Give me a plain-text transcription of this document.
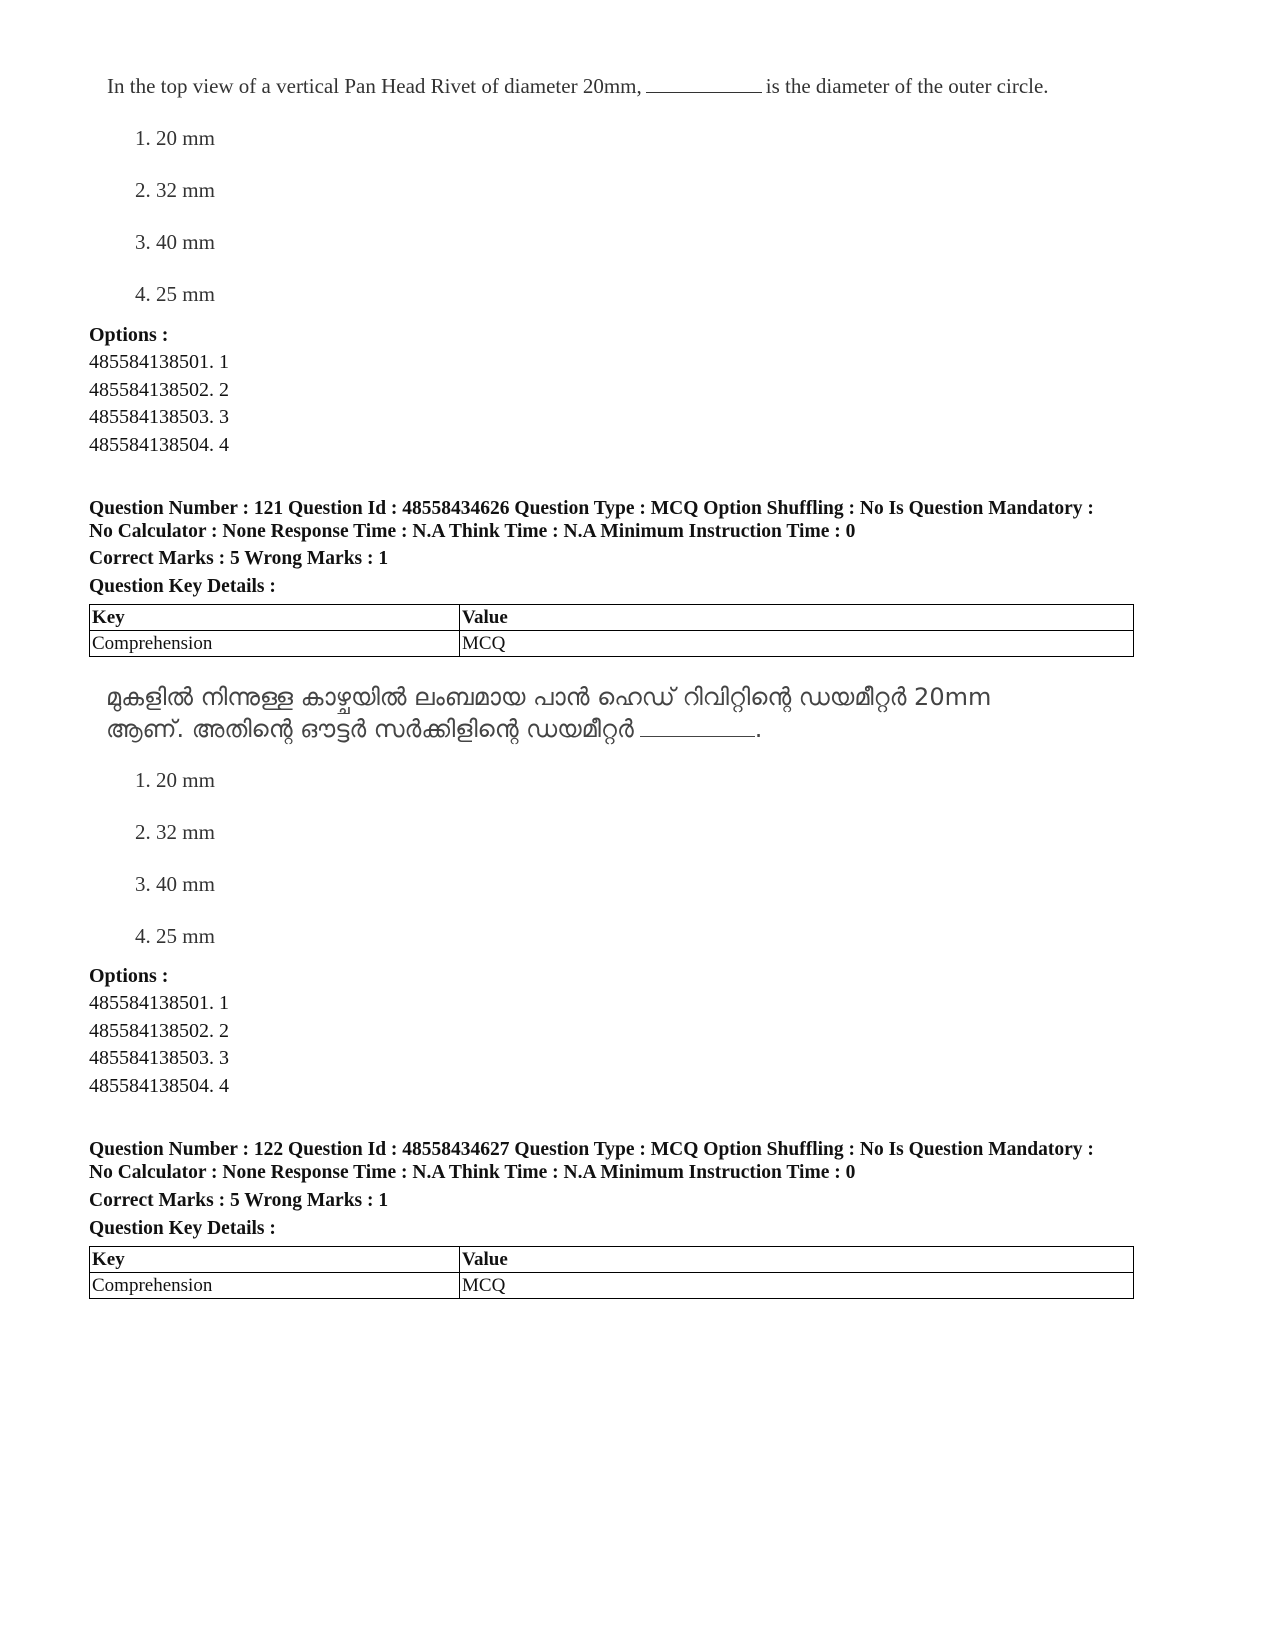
In the top view of a vertical Pan Head Rivet of diameter 20mm,	is the diameter of the outer circle.
1. 20 mm
2. 32 mm
3. 40 mm
4. 25 mm
Options :
485584138501. 1
485584138502. 2
485584138503. 3
485584138504. 4
Question Number : 121 Question Id : 48558434626 Question Type : MCQ Option Shuffling : No Is Question Mandatory :
No Calculator : None Response Time : N.A Think Time : N.A Minimum Instruction Time : 0
Correct Marks : 5 Wrong Marks : 1
Question Key Details :
Key	Value
Comprehension	MCQ
മുകളിൽ നിന്നുള്ള കാഴ്ചയിൽ ലംബമായ പാൻ ഹെഡ് റിവിറ്റിന്റെ ഡയമീറ്റർ 20mm
ആണ്. അതിന്റെ ഔട്ടർ സർക്കിളിന്റെ ഡയമീറ്റർ	.
1. 20 mm
2. 32 mm
3. 40 mm
4. 25 mm
Options :
485584138501. 1
485584138502. 2
485584138503. 3
485584138504. 4
Question Number : 122 Question Id : 48558434627 Question Type : MCQ Option Shuffling : No Is Question Mandatory :
No Calculator : None Response Time : N.A Think Time : N.A Minimum Instruction Time : 0
Correct Marks : 5 Wrong Marks : 1
Question Key Details :
Key	Value
Comprehension	MCQ
